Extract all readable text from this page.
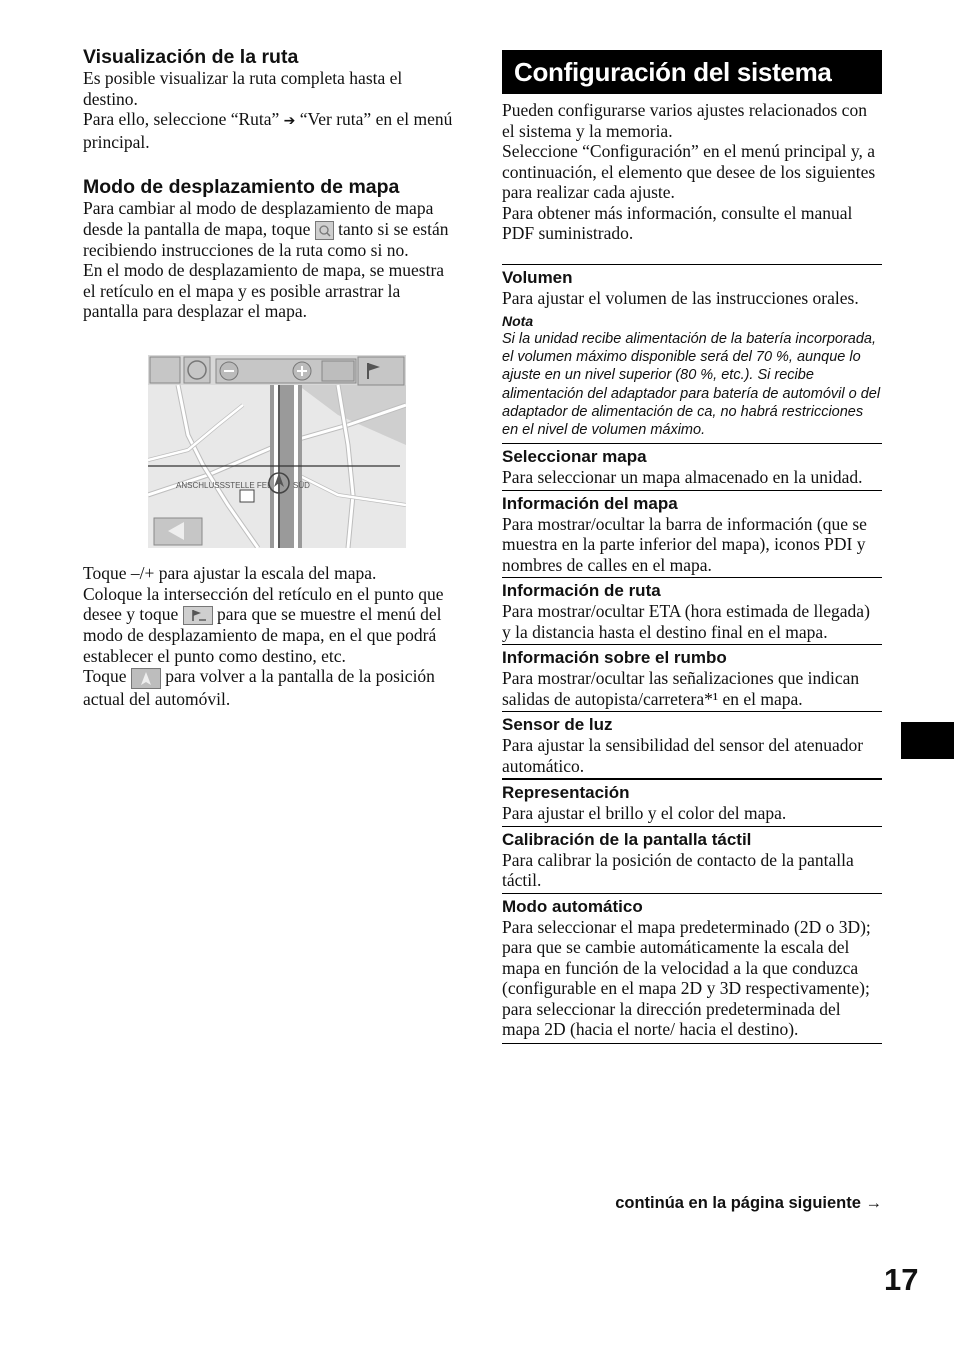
Visualización de la ruta

Es posible visualizar la ruta completa hasta el destino.

Para ello, seleccione “Ruta” ➔ “Ver ruta” en el menú principal.

Modo de desplazamiento de mapa

Para cambiar al modo de desplazamiento de mapa desde la pantalla de mapa, toque tanto si se están recibiendo instrucciones de la ruta como si no.

En el modo de desplazamiento de mapa, se muestra el retículo en el mapa y es posible arrastrar la pantalla para desplazar el mapa.

ANSCHLUSSSTELLE FEL	SÜD

Toque –/+ para ajustar la escala del mapa.

Coloque la intersección del retículo en el punto que desee y toque para que se muestre el menú del modo de desplazamiento de mapa, en el que podrá establecer el punto como destino, etc.

Toque para volver a la pantalla de la posición actual del automóvil.

Configuración del sistema

Pueden configurarse varios ajustes relacionados con el sistema y la memoria.

Seleccione “Configuración” en el menú principal y, a continuación, el elemento que desee de los siguientes para realizar cada ajuste.

Para obtener más información, consulte el manual PDF suministrado.

Volumen

Para ajustar el volumen de las instrucciones orales.

Nota
Si la unidad recibe alimentación de la batería incorporada, el volumen máximo disponible será del 70 %, aunque lo ajuste en un nivel superior (80 %, etc.). Si recibe alimentación del adaptador para batería de automóvil o del adaptador de alimentación de ca, no habrá restricciones en el nivel de volumen máximo.
Seleccionar mapa

Para seleccionar un mapa almacenado en la unidad.

Información del mapa

Para mostrar/ocultar la barra de información (que se muestra en la parte inferior del mapa), iconos PDI y nombres de calles en el mapa.

Información de ruta

Para mostrar/ocultar ETA (hora estimada de llegada) y la distancia hasta el destino final en el mapa.

Información sobre el rumbo

Para mostrar/ocultar las señalizaciones que indican salidas de autopista/carretera*¹ en el mapa.

Sensor de luz

Para ajustar la sensibilidad del sensor del atenuador automático.

Representación

Para ajustar el brillo y el color del mapa.

Calibración de la pantalla táctil

Para calibrar la posición de contacto de la pantalla táctil.

Modo automático

Para seleccionar el mapa predeterminado (2D o 3D); para que se cambie automáticamente la escala del mapa en función de la velocidad a la que conduzca (configurable en el mapa 2D y 3D respectivamente); para seleccionar la dirección predeterminada del mapa 2D (hacia el norte/ hacia el destino).

continúa en la página siguiente →
17
